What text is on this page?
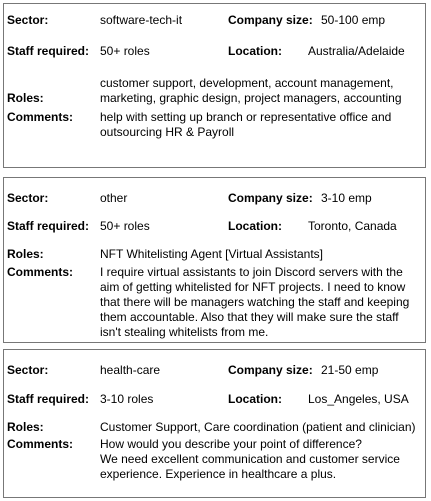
Sector:	software-tech-it	Company size: 50-100 emp
Staff required: 50+ roles	Location: Australia/Adelaide
Roles:
customer support, development, account management, marketing, graphic design, project managers, accounting
Comments: help with setting up branch or representative office and outsourcing HR & Payroll
Sector:	other	Company size: 3-10 emp
Staff required: 50+ roles	Location: Toronto, Canada
Roles:	NFT Whitelisting Agent [Virtual Assistants]
Comments: I require virtual assistants to join Discord servers with the aim of getting whitelisted for NFT projects. I need to know that there will be managers watching the staff and keeping them accountable. Also that they will make sure the staff isn't stealing whitelists from me.
Sector:	health-care	Company size: 21-50 emp
Staff required: 3-10 roles	Location: Los_Angeles, USA
Roles:	Customer Support, Care coordination (patient and clinician)
Comments: How would you describe your point of difference?
We need excellent communication and customer service experience. Experience in healthcare a plus.
